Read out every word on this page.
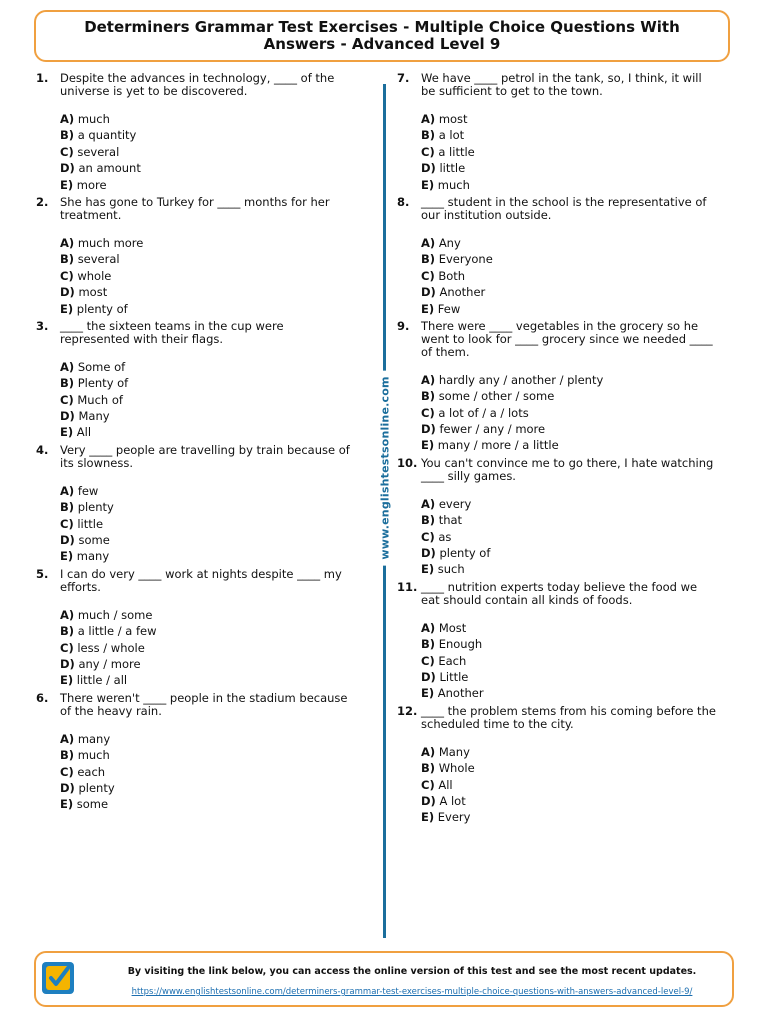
Determiners Grammar Test Exercises - Multiple Choice Questions With Answers - Advanced Level 9
1.	Despite the advances in technology, ____ of the universe is yet to be discovered.
A) much
B) a quantity
C) several
D) an amount
E) more
2.	She has gone to Turkey for ____ months for her treatment.
A) much more
B) several
C) whole
D) most
E) plenty of
3.	____ the sixteen teams in the cup were represented with their flags.
A) Some of
B) Plenty of
C) Much of
D) Many
E) All
4.	Very ____ people are travelling by train because of its slowness.
A) few
B) plenty
C) little
D) some
E) many
5.	I can do very ____ work at nights despite ____ my efforts.
A) much / some
B) a little / a few
C) less / whole
D) any / more
E) little / all
6.	There weren't ____ people in the stadium because of the heavy rain.
A) many
B) much
C) each
D) plenty
E) some
7.	We have ____ petrol in the tank, so, I think, it will be sufficient to get to the town.
A) most
B) a lot
C) a little
D) little
E) much
8.	____ student in the school is the representative of our institution outside.
A) Any
B) Everyone
C) Both
D) Another
E) Few
9.	There were ____ vegetables in the grocery so he went to look for ____ grocery since we needed ____ of them.
A) hardly any / another / plenty
B) some / other / some
C) a lot of / a / lots
D) fewer / any / more
E) many / more / a little
10. You can't convince me to go there, I hate watching ____ silly games.
A) every
B) that
C) as
D) plenty of
E) such
11. ____ nutrition experts today believe the food we eat should contain all kinds of foods.
A) Most
B) Enough
C) Each
D) Little
E) Another
12. ____ the problem stems from his coming before the scheduled time to the city.
A) Many
B) Whole
C) All
D) A lot
E) Every
www.englishtestsonline.com
By visiting the link below, you can access the online version of this test and see the most recent updates.
https://www.englishtestsonline.com/determiners-grammar-test-exercises-multiple-choice-questions-with-answers-advanced-level-9/
